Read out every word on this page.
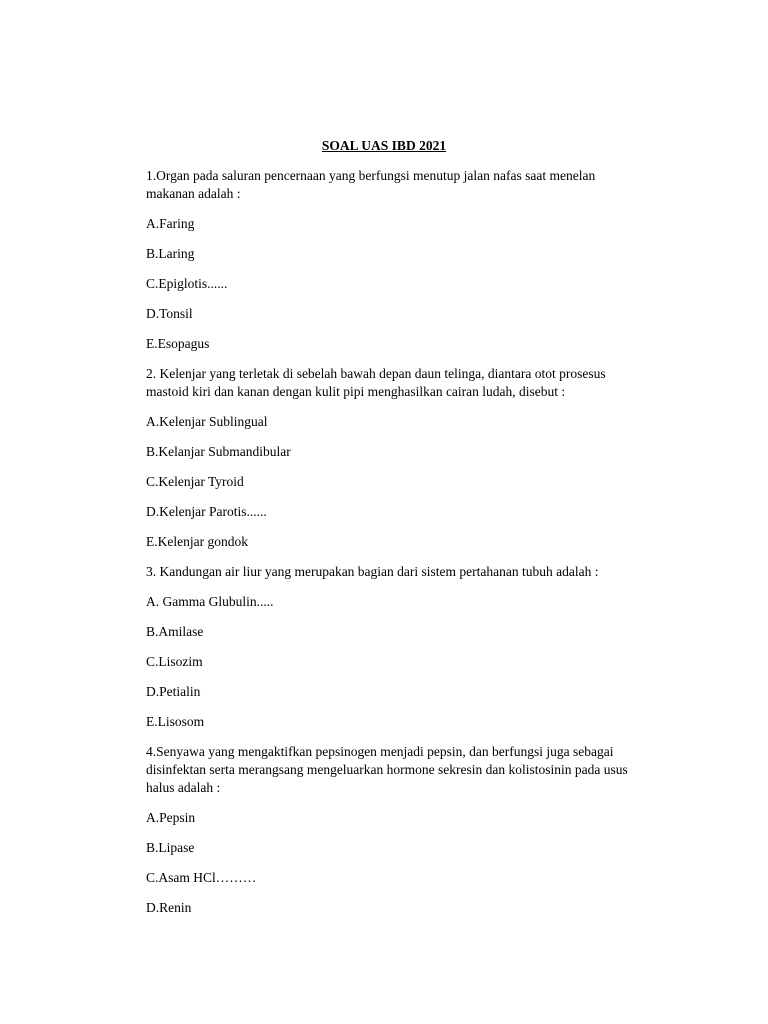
SOAL UAS IBD 2021

1.Organ pada saluran pencernaan yang berfungsi menutup jalan nafas saat menelan makanan adalah :

A.Faring

B.Laring

C.Epiglotis......

D.Tonsil

E.Esopagus

2. Kelenjar yang terletak di sebelah bawah depan daun telinga, diantara otot prosesus mastoid kiri dan kanan dengan kulit pipi menghasilkan cairan ludah, disebut :

A.Kelenjar Sublingual

B.Kelanjar Submandibular

C.Kelenjar Tyroid

D.Kelenjar Parotis......

E.Kelenjar gondok

3. Kandungan air liur yang merupakan bagian dari sistem pertahanan tubuh adalah :

A. Gamma Glubulin.....

B.Amilase

C.Lisozim

D.Petialin

E.Lisosom

4.Senyawa yang mengaktifkan pepsinogen menjadi pepsin, dan berfungsi juga sebagai disinfektan serta merangsang mengeluarkan hormone sekresin dan kolistosinin pada usus halus adalah :

A.Pepsin

B.Lipase

C.Asam HCl………

D.Renin
